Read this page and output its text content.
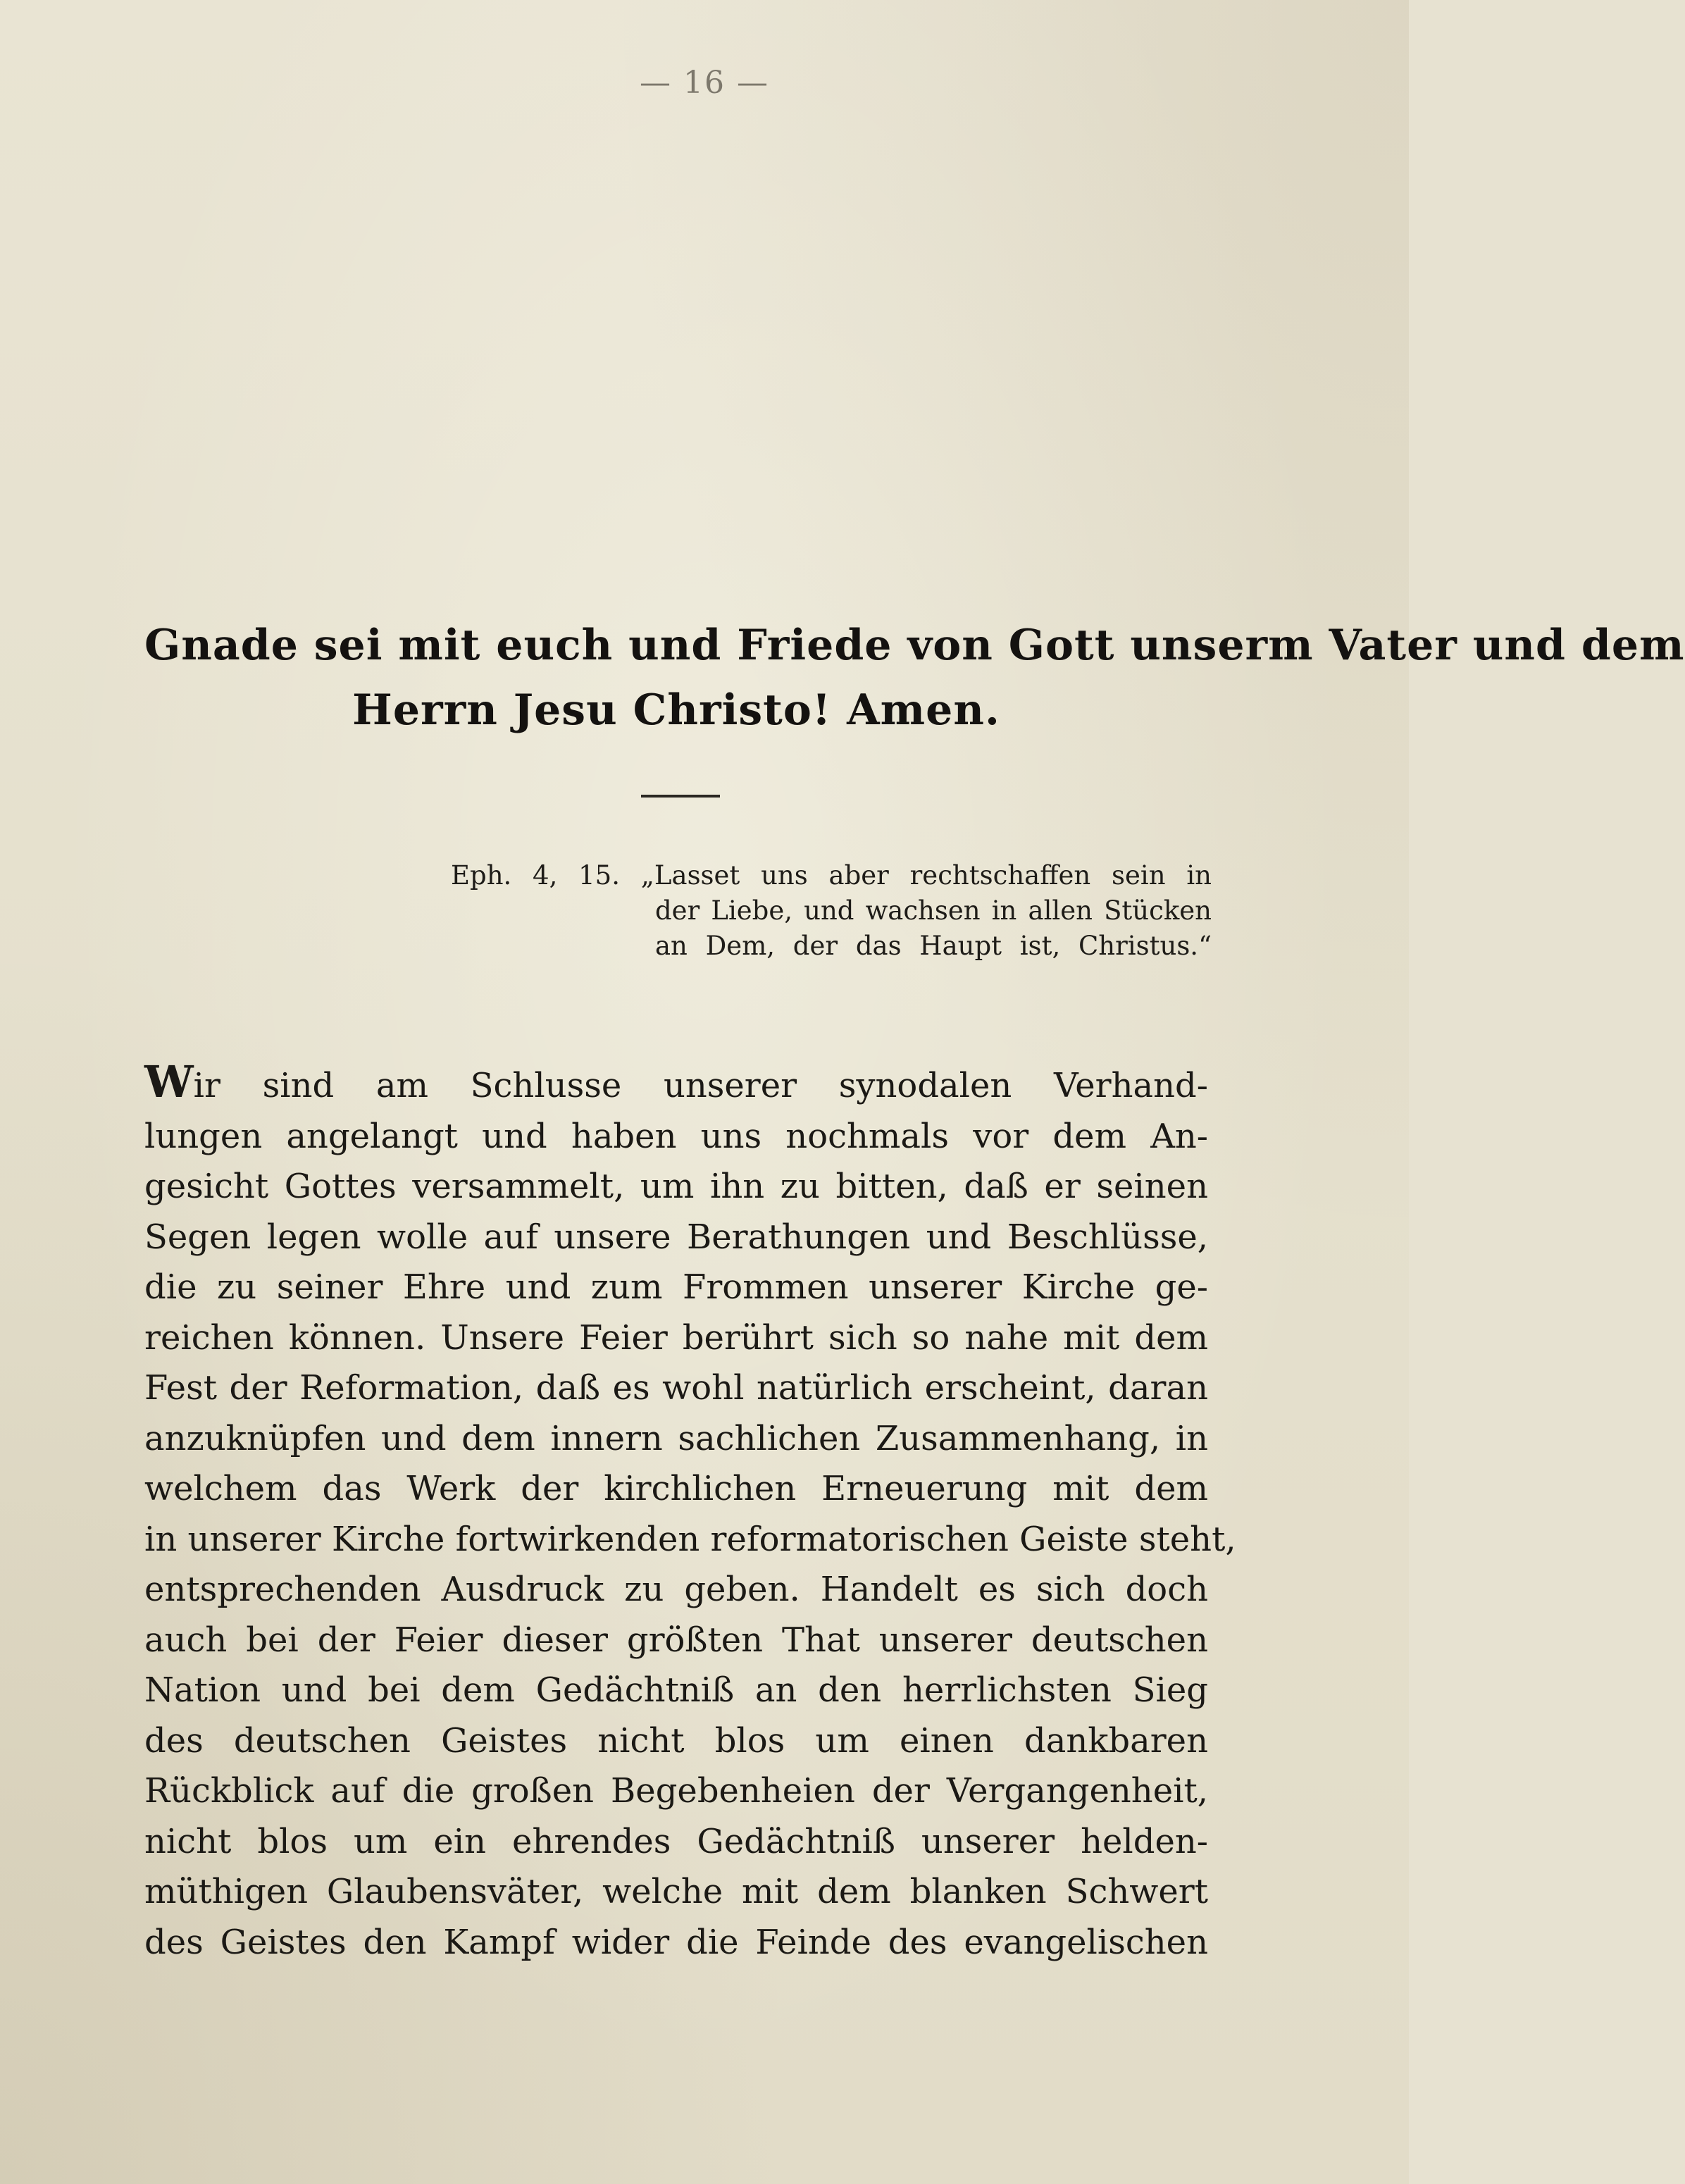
— 16 —
Gnade sei mit euch und Friede von Gott unserm Vater und dem
Herrn Jesu Christo! Amen.
Eph. 4, 15. „Lasset uns aber rechtschaffen sein in
der Liebe, und wachsen in allen Stücken
an Dem, der das Haupt ist, Christus.“
Wir sind am Schlusse unserer synodalen Verhand-
lungen angelangt und haben uns nochmals vor dem An-
gesicht Gottes versammelt, um ihn zu bitten, daß er seinen
Segen legen wolle auf unsere Berathungen und Beschlüsse,
die zu seiner Ehre und zum Frommen unserer Kirche ge-
reichen können. Unsere Feier berührt sich so nahe mit dem
Fest der Reformation, daß es wohl natürlich erscheint, daran
anzuknüpfen und dem innern sachlichen Zusammenhang, in
welchem das Werk der kirchlichen Erneuerung mit dem
in unserer Kirche fortwirkenden reformatorischen Geiste steht,
entsprechenden Ausdruck zu geben. Handelt es sich doch
auch bei der Feier dieser größten That unserer deutschen
Nation und bei dem Gedächtniß an den herrlichsten Sieg
des deutschen Geistes nicht blos um einen dankbaren
Rückblick auf die großen Begebenheien der Vergangenheit,
nicht blos um ein ehrendes Gedächtniß unserer helden-
müthigen Glaubensväter, welche mit dem blanken Schwert
des Geistes den Kampf wider die Feinde des evangelischen
